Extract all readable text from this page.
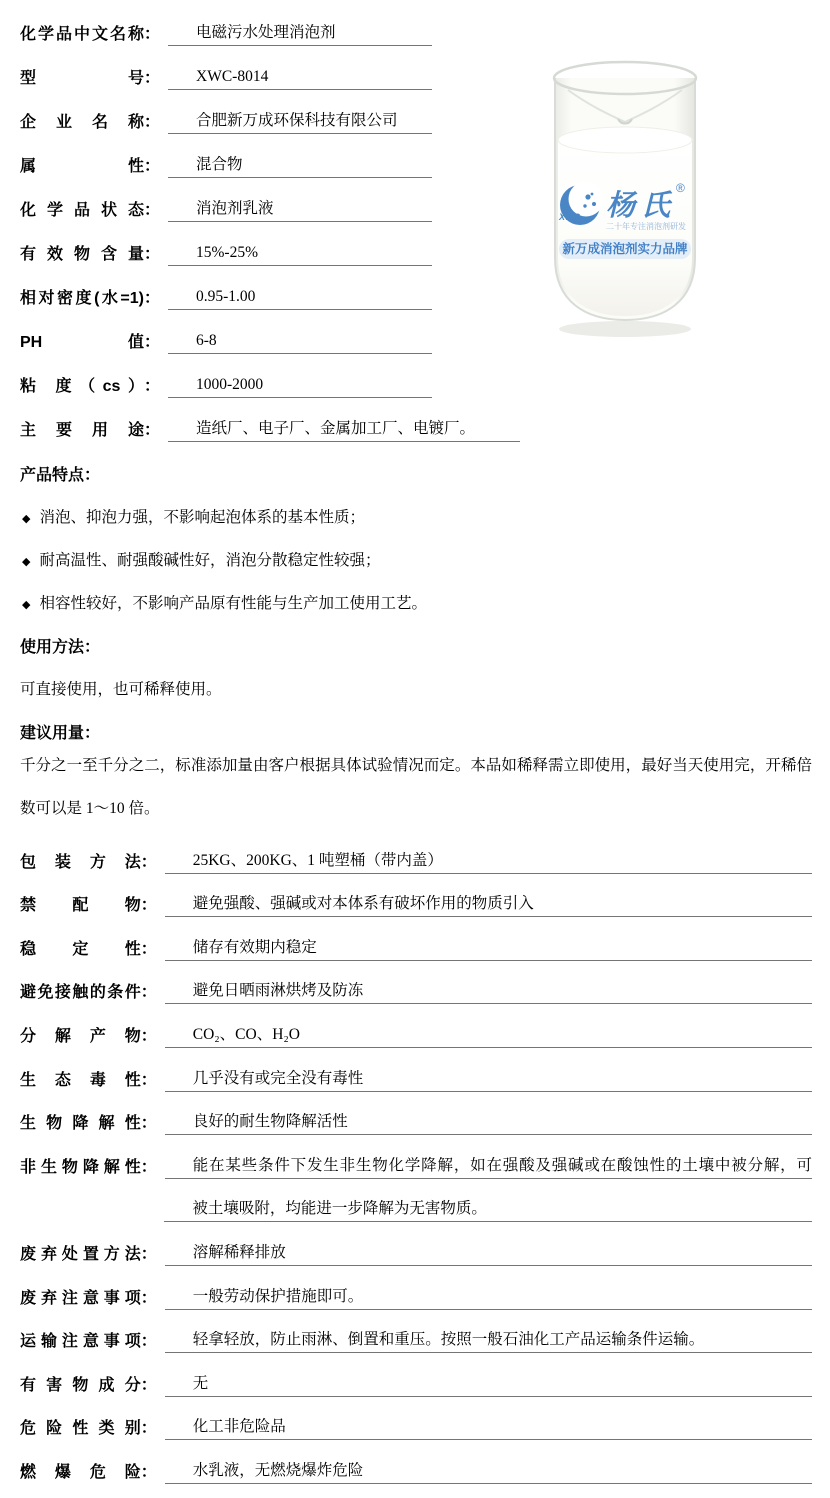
化学品中文名称 ：	电磁污水处理消泡剂
型号 ：	XWC-8014
企业名称 ：	合肥新万成环保科技有限公司
属性 ：	混合物
化学品状态 ：	消泡剂乳液
有效物含量 ：	15%-25%
相对密度(水=1) ：	0.95-1.00
PH 值 ：	6-8
粘 度（cs） ：	1000-2000
主要用途 ：	造纸厂、电子厂、金属加工厂、电镀厂。
产品特点：
◆ 消泡、抑泡力强，不影响起泡体系的基本性质；
◆ 耐高温性、耐强酸碱性好，消泡分散稳定性较强；
◆ 相容性较好，不影响产品原有性能与生产加工使用工艺。
使用方法：
可直接使用，也可稀释使用。
建议用量：
千分之一至千分之二，标准添加量由客户根据具体试验情况而定。本品如稀释需立即使用，最好当天使用完，开稀倍数可以是 1～10 倍。
包装方法 ：	25KG、200KG、1 吨塑桶（带内盖）
禁配物 ：	避免强酸、强碱或对本体系有破坏作用的物质引入
稳定性 ：	储存有效期内稳定
避免接触的条件 ：	避免日晒雨淋烘烤及防冻
分解产物 ：	CO₂、CO、H₂O
生态毒性 ：	几乎没有或完全没有毒性
生物降解性 ：	良好的耐生物降解活性
非生物降解性 ：	能在某些条件下发生非生物化学降解，如在强酸及强碱或在酸蚀性的土壤中被分解，可
被土壤吸附，均能进一步降解为无害物质。
废弃处置方法 ：	溶解稀释排放
废弃注意事项 ：	一般劳动保护措施即可。
运输注意事项 ：	轻拿轻放，防止雨淋、倒置和重压。按照一般石油化工产品运输条件运输。
有害物成分 ：	无
危险性类别 ：	化工非危险品
燃爆危险 ：	水乳液，无燃烧爆炸危险
XWC 杨氏
®
二十年专注消泡剂研发
新万成消泡剂实力品牌
